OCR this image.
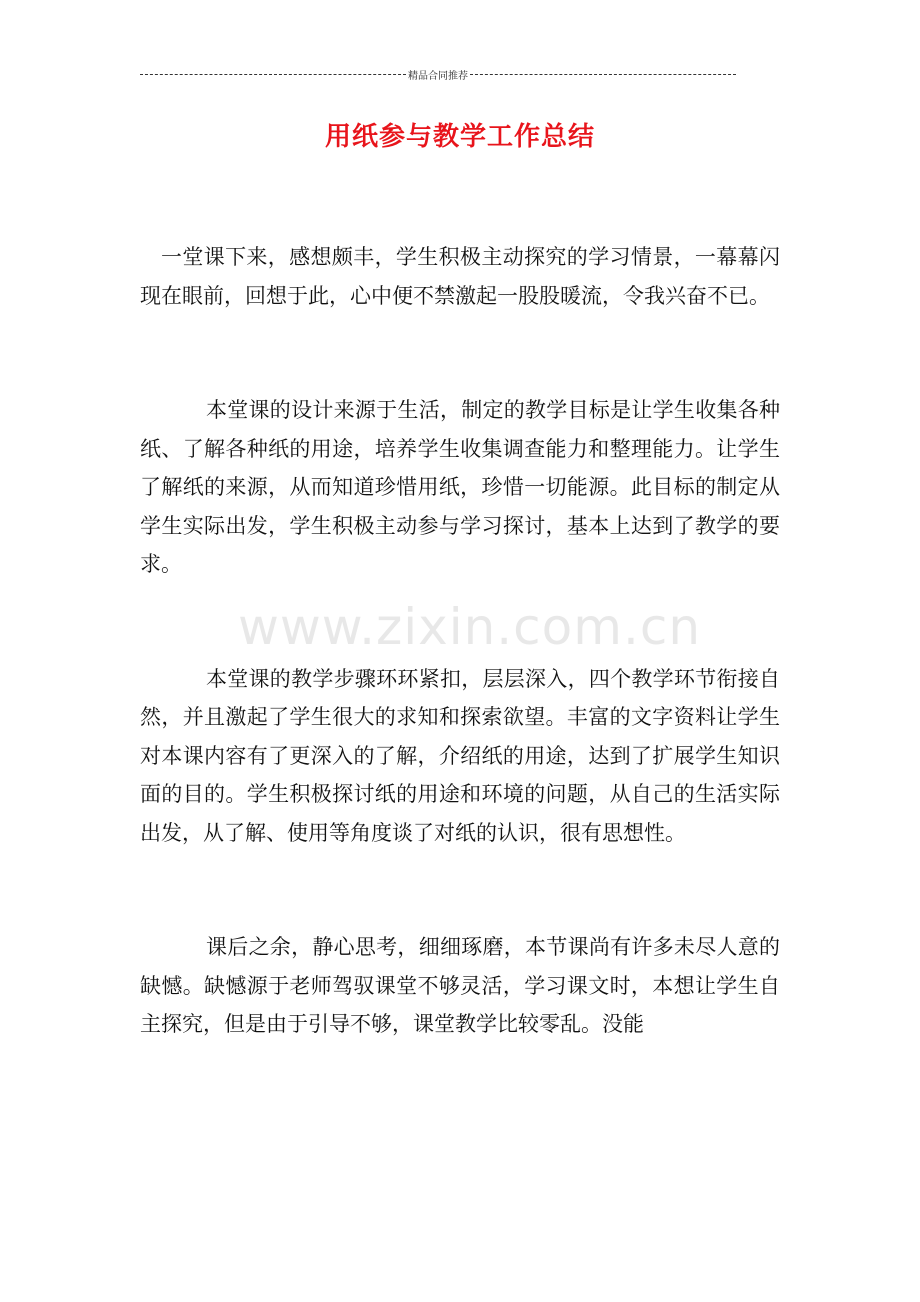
精品合同推荐
用纸参与教学工作总结

一堂课下来，感想颇丰，学生积极主动探究的学习情景，一幕幕闪现在眼前，回想于此，心中便不禁激起一股股暖流，令我兴奋不已。

本堂课的设计来源于生活，制定的教学目标是让学生收集各种纸、了解各种纸的用途，培养学生收集调查能力和整理能力。让学生了解纸的来源，从而知道珍惜用纸，珍惜一切能源。此目标的制定从学生实际出发，学生积极主动参与学习探讨，基本上达到了教学的要求。

本堂课的教学步骤环环紧扣，层层深入，四个教学环节衔接自然，并且激起了学生很大的求知和探索欲望。丰富的文字资料让学生对本课内容有了更深入的了解，介绍纸的用途，达到了扩展学生知识面的目的。学生积极探讨纸的用途和环境的问题，从自己的生活实际出发，从了解、使用等角度谈了对纸的认识，很有思想性。

课后之余，静心思考，细细琢磨，本节课尚有许多未尽人意的缺憾。缺憾源于老师驾驭课堂不够灵活，学习课文时，本想让学生自主探究，但是由于引导不够，课堂教学比较零乱。没能

www.zixin.com.cn
